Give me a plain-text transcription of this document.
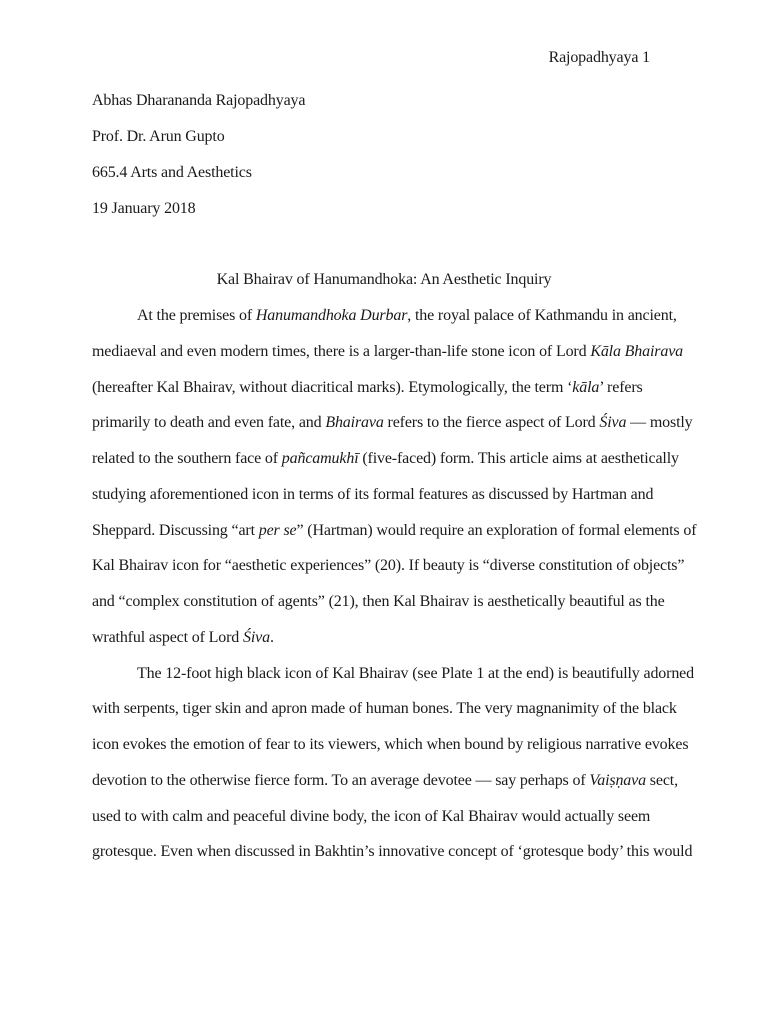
Rajopadhyaya 1
Abhas Dharananda Rajopadhyaya
Prof. Dr. Arun Gupto
665.4 Arts and Aesthetics
19 January 2018
Kal Bhairav of Hanumandhoka: An Aesthetic Inquiry
At the premises of Hanumandhoka Durbar, the royal palace of Kathmandu in ancient,
mediaeval and even modern times, there is a larger-than-life stone icon of Lord Kāla Bhairava
(hereafter Kal Bhairav, without diacritical marks). Etymologically, the term ‘kāla’ refers
primarily to death and even fate, and Bhairava refers to the fierce aspect of Lord Śiva — mostly
related to the southern face of pañcamukhī (five-faced) form. This article aims at aesthetically
studying aforementioned icon in terms of its formal features as discussed by Hartman and
Sheppard. Discussing “art per se” (Hartman) would require an exploration of formal elements of
Kal Bhairav icon for “aesthetic experiences” (20). If beauty is “diverse constitution of objects”
and “complex constitution of agents” (21), then Kal Bhairav is aesthetically beautiful as the
wrathful aspect of Lord Śiva.
The 12-foot high black icon of Kal Bhairav (see Plate 1 at the end) is beautifully adorned
with serpents, tiger skin and apron made of human bones. The very magnanimity of the black
icon evokes the emotion of fear to its viewers, which when bound by religious narrative evokes
devotion to the otherwise fierce form. To an average devotee — say perhaps of Vaiṣṇava sect,
used to with calm and peaceful divine body, the icon of Kal Bhairav would actually seem
grotesque. Even when discussed in Bakhtin’s innovative concept of ‘grotesque body’ this would
